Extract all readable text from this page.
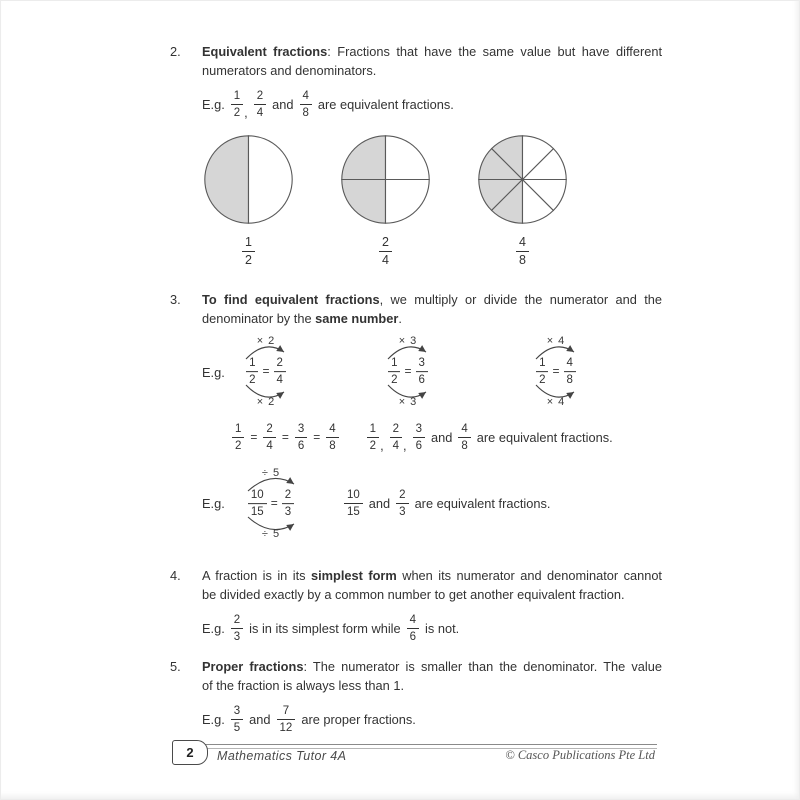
2.	Equivalent fractions: Fractions that have the same value but have different
numerators and denominators.
E.g. $\frac{1}{2}$ , $\frac{2}{4}$ and $\frac{4}{8}$ are equivalent fractions.
$\frac{1}{2}$	$\frac{2}{4}$	$\frac{4}{8}$
3.	To find equivalent fractions, we multiply or divide the numerator and the
denominator by the same number.
E.g.
× 2
$\frac{1}{2} = \frac{2}{4}$
× 2
× 3
$\frac{1}{2} = \frac{3}{6}$
× 3
× 4
$\frac{1}{2} = \frac{4}{8}$
× 4
$\frac{1}{2} = \frac{2}{4} = \frac{3}{6} = \frac{4}{8} \frac{1}{2}$ , $\frac{2}{4}$ , $\frac{3}{6}$ and $\frac{4}{8}$ are equivalent fractions.
E.g.
÷ 5
$\frac{10}{15} = \frac{2}{3}$
÷ 5
$\frac{10}{15}$ and $\frac{2}{3}$ are equivalent fractions.
4.	A fraction is in its simplest form when its numerator and denominator cannot
be divided exactly by a common number to get another equivalent fraction.
E.g. $\frac{2}{3}$ is in its simplest form while $\frac{4}{6}$ is not.
5.	Proper fractions: The numerator is smaller than the denominator. The value
of the fraction is always less than 1.
E.g. $\frac{3}{5}$ and $\frac{7}{12}$ are proper fractions.
2	Mathematics Tutor 4A	© Casco Publications Pte Ltd
